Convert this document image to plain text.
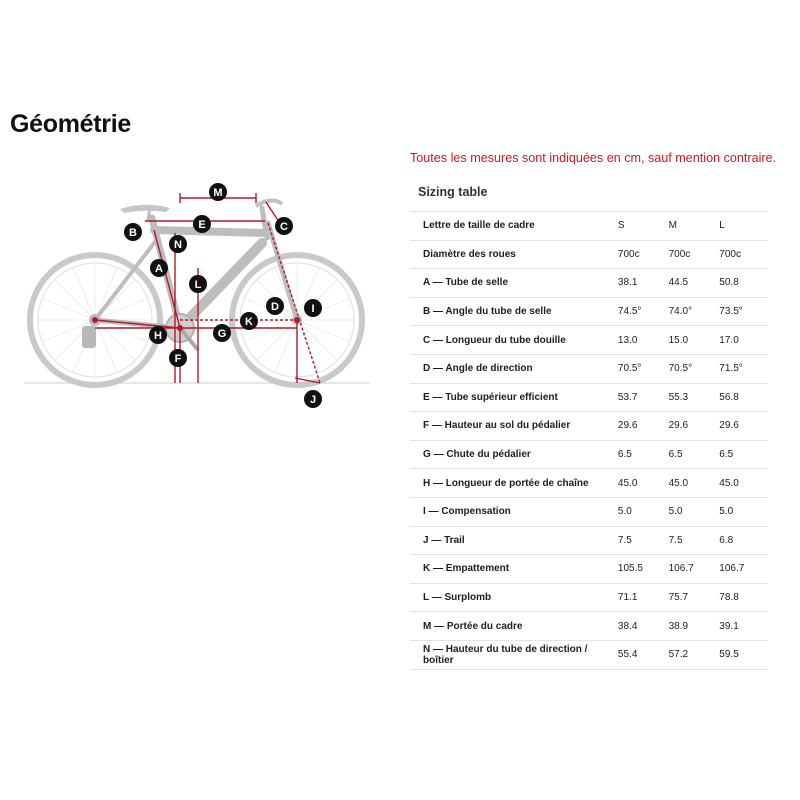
Géométrie
M
E	C
B
N
A
L
D	I
K
G
H
F
J
Toutes les mesures sont indiquées en cm, sauf mention contraire.
Sizing table
Lettre de taille de cadre	S	M	L
Diamètre des roues	700c	700c	700c
A — Tube de selle	38.1	44.5	50.8
B — Angle du tube de selle	74.5°	74.0°	73.5°
C — Longueur du tube douille	13.0	15.0	17.0
D — Angle de direction	70.5°	70.5°	71.5°
E — Tube supérieur efficient	53.7	55.3	56.8
F — Hauteur au sol du pédalier	29.6	29.6	29.6
G — Chute du pédalier	6.5	6.5	6.5
H — Longueur de portée de chaîne	45.0	45.0	45.0
I — Compensation	5.0	5.0	5.0
J — Trail	7.5	7.5	6.8
K — Empattement	105.5	106.7	106.7
L — Surplomb	71.1	75.7	78.8
M — Portée du cadre	38.4	38.9	39.1
N — Hauteur du tube de direction / boîtier	55.4	57.2	59.5
